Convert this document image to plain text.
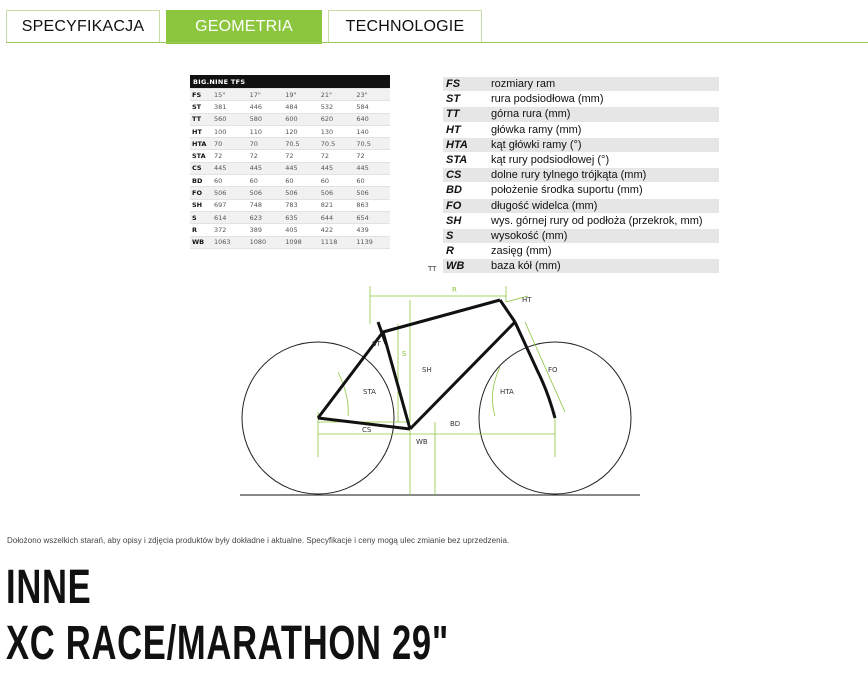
SPECYFIKACJA	GEOMETRIA	TECHNOLOGIE
BIG.NINE TFS					
FS	15"	17"	19"	21"	23"
ST	381	446	484	532	584
TT	560	580	600	620	640
HT	100	110	120	130	140
HTA	70	70	70.5	70.5	70.5
STA	72	72	72	72	72
CS	445	445	445	445	445
BD	60	60	60	60	60
FO	506	506	506	506	506
SH	697	748	783	821	863
S	614	623	635	644	654
R	372	389	405	422	439
WB	1063	1080	1098	1118	1139
FS		rozmiary ram
ST		rura podsiodłowa (mm)
TT		górna rura (mm)
HT		główka ramy (mm)
HTA		kąt główki ramy (°)
STA		kąt rury podsiodłowej (°)
CS		dolne rury tylnego trójkąta (mm)
BD		położenie środka suportu (mm)
FO		długość widelca (mm)
SH		wys. górnej rury od podłoża (przekrok, mm)
S		wysokość (mm)
R		zasięg (mm)
WB		baza kół (mm)
TT
R
HT
ST
S
SH	FO
STA	HTA
CS
BD
WB
Dołożono wszelkich starań, aby opisy i zdjęcia produktów były dokładne i aktualne. Specyfikacje i ceny mogą ulec zmianie bez uprzedzenia.
INNE
XC RACE/MARATHON 29"
